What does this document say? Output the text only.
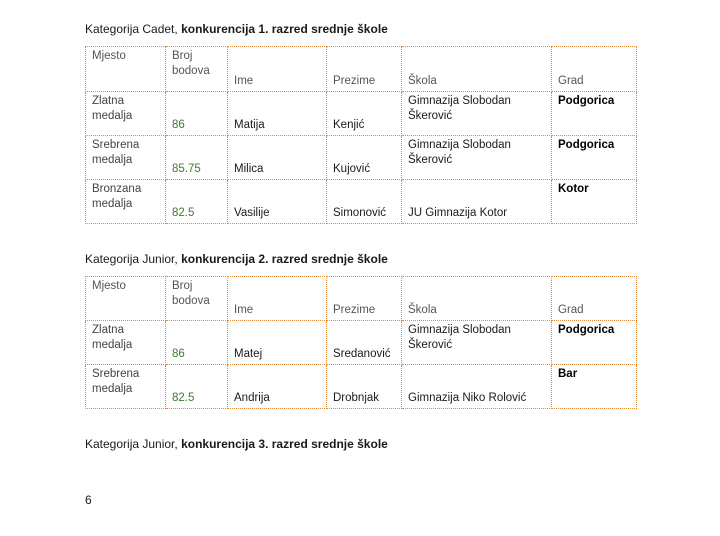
Kategorija Cadet, konkurencija 1. razred srednje škole
Mjesto	Broj bodova	Ime	Prezime	Škola	Grad
Zlatna medalja	86	Matija	Kenjić	Gimnazija Slobodan Škerović	Podgorica
Srebrena medalja	85.75	Milica	Kujović	Gimnazija Slobodan Škerović	Podgorica
Bronzana medalja	82.5	Vasilije	Simonović	JU Gimnazija Kotor	Kotor
Kategorija Junior, konkurencija 2. razred srednje škole
Mjesto	Broj bodova	Ime	Prezime	Škola	Grad
Zlatna medalja	86	Matej	Sredanović	Gimnazija Slobodan Škerović	Podgorica
Srebrena medalja	82.5	Andrija	Drobnjak	Gimnazija Niko Rolović	Bar
Kategorija Junior, konkurencija 3. razred srednje škole
6
